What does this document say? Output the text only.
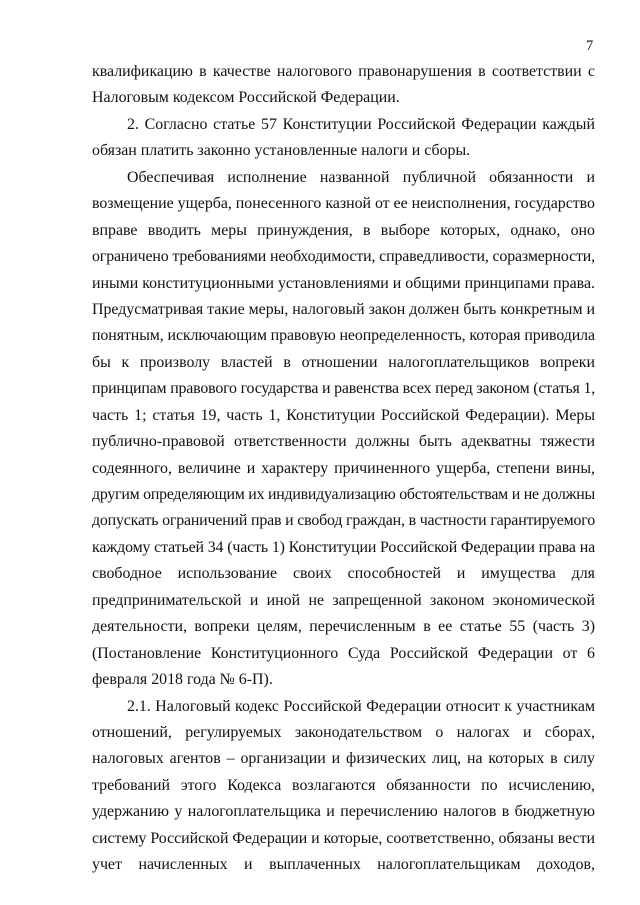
7
квалификацию в качестве налогового правонарушения в соответствии с
Налоговым кодексом Российской Федерации.
2. Согласно статье 57 Конституции Российской Федерации каждый
обязан платить законно установленные налоги и сборы.
Обеспечивая исполнение названной публичной обязанности и
возмещение ущерба, понесенного казной от ее неисполнения, государство
вправе вводить меры принуждения, в выборе которых, однако, оно
ограничено требованиями необходимости, справедливости, соразмерности,
иными конституционными установлениями и общими принципами права.
Предусматривая такие меры, налоговый закон должен быть конкретным и
понятным, исключающим правовую неопределенность, которая приводила
бы к произволу властей в отношении налогоплательщиков вопреки
принципам правового государства и равенства всех перед законом (статья 1,
часть 1; статья 19, часть 1, Конституции Российской Федерации). Меры
публично-правовой ответственности должны быть адекватны тяжести
содеянного, величине и характеру причиненного ущерба, степени вины,
другим определяющим их индивидуализацию обстоятельствам и не должны
допускать ограничений прав и свобод граждан, в частности гарантируемого
каждому статьей 34 (часть 1) Конституции Российской Федерации права на
свободное использование своих способностей и имущества для
предпринимательской и иной не запрещенной законом экономической
деятельности, вопреки целям, перечисленным в ее статье 55 (часть 3)
(Постановление Конституционного Суда Российской Федерации от 6
февраля 2018 года № 6-П).
2.1. Налоговый кодекс Российской Федерации относит к участникам
отношений, регулируемых законодательством о налогах и сборах,
налоговых агентов – организации и физических лиц, на которых в силу
требований этого Кодекса возлагаются обязанности по исчислению,
удержанию у налогоплательщика и перечислению налогов в бюджетную
систему Российской Федерации и которые, соответственно, обязаны вести
учет начисленных и выплаченных налогоплательщикам доходов,
